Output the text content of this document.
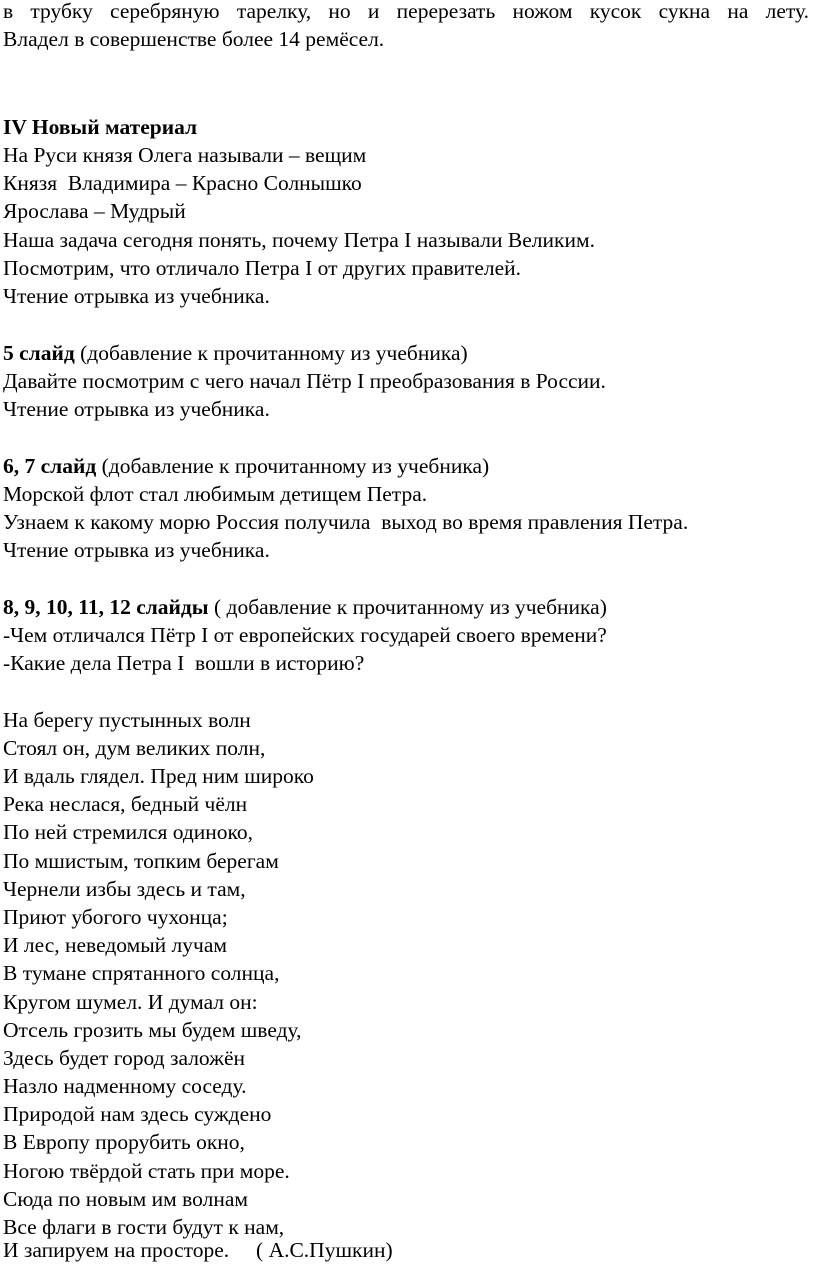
в трубку серебряную тарелку, но и перерезать ножом кусок сукна на лету.
Владел в совершенстве более 14 ремёсел.
IV Новый материал
На Руси князя Олега называли – вещим
Князя  Владимира – Красно Солнышко
Ярослава – Мудрый
Наша задача сегодня понять, почему Петра I называли Великим.
Посмотрим, что отличало Петра I от других правителей.
Чтение отрывка из учебника.
5 слайд (добавление к прочитанному из учебника)
Давайте посмотрим с чего начал Пётр I преобразования в России.
Чтение отрывка из учебника.
6, 7 слайд (добавление к прочитанному из учебника)
Морской флот стал любимым детищем Петра.
Узнаем к какому морю Россия получила  выход во время правления Петра.
Чтение отрывка из учебника.
8, 9, 10, 11, 12 слайды ( добавление к прочитанному из учебника)
-Чем отличался Пётр I от европейских государей своего времени?
-Какие дела Петра I  вошли в историю?
На берегу пустынных волн
Стоял он, дум великих полн,
И вдаль глядел. Пред ним широко
Река неслася, бедный чёлн
По ней стремился одиноко,
По мшистым, топким берегам
Чернели избы здесь и там,
Приют убогого чухонца;
И лес, неведомый лучам
В тумане спрятанного солнца,
Кругом шумел. И думал он:
Отсель грозить мы будем шведу,
Здесь будет город заложён
Назло надменному соседу.
Природой нам здесь суждено
В Европу прорубить окно,
Ногою твёрдой стать при море.
Сюда по новым им волнам
Все флаги в гости будут к нам,
И запируем на просторе.     ( А.С.Пушкин)
